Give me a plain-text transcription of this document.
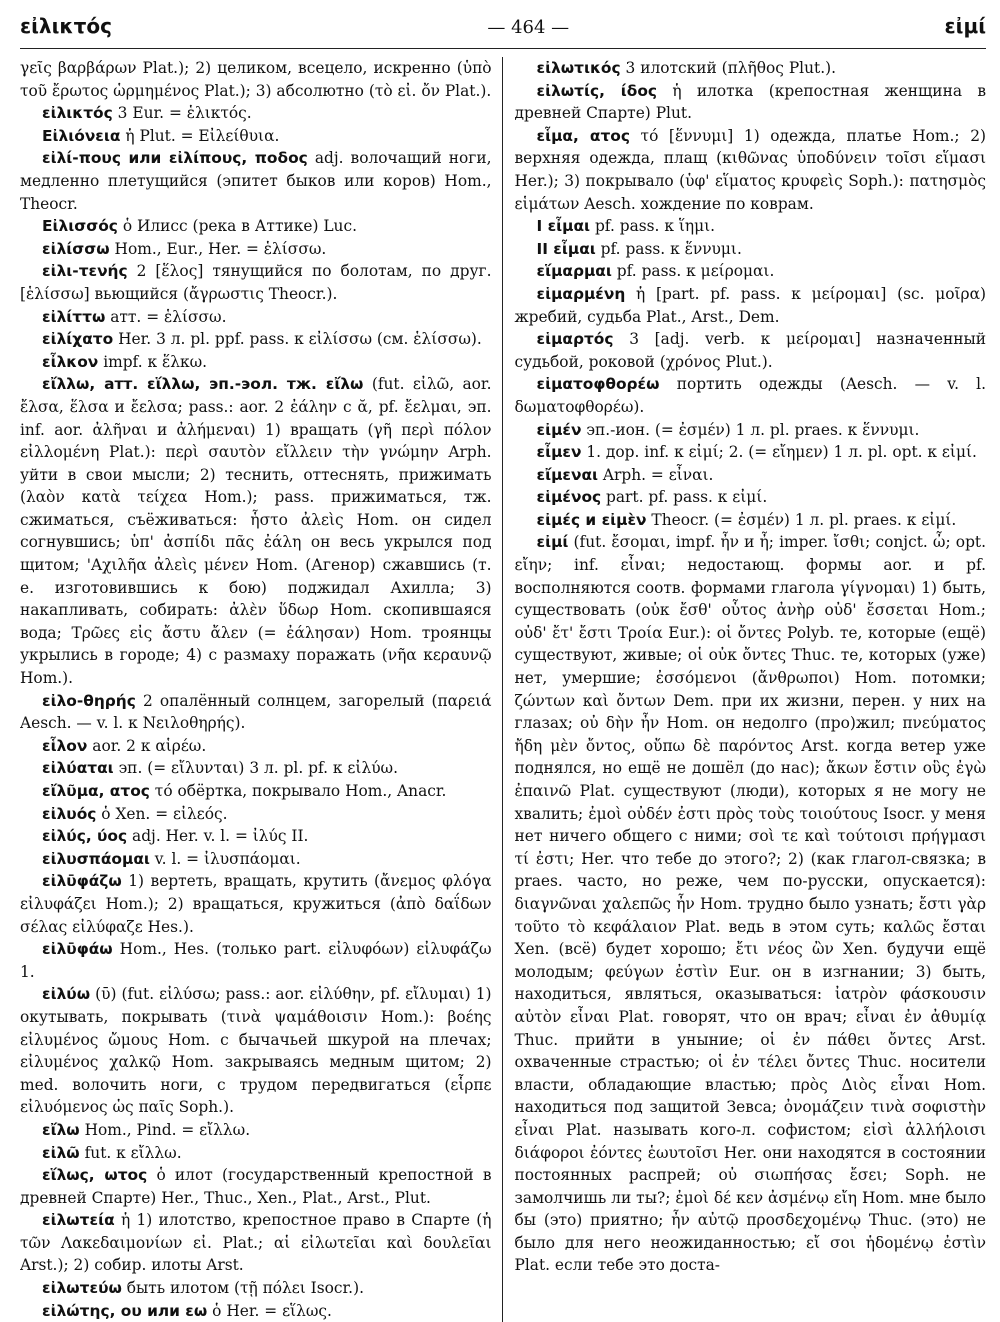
εἰλικτός	— 464 —	εἰμί

γεῖς βαρβάρων Plat.); 2) целиком, всецело, искренно (ὑπὸ τοῦ ἔρωτος ὡρμημένος Plat.); 3) абсолютно (τὸ εἰ. ὄν Plat.).

εἰλικτός 3 Eur. = ἑλικτός.

Εἰλιόνεια ἡ Plut. = Εἰλείθυια.

εἰλί-πους или εἰλίπους, ποδος adj. волочащий ноги, медленно плетущийся (эпитет быков или коров) Hom., Theocr.

Εἰλισσός ὁ Илисс (река в Аттике) Luc.

εἰλίσσω Hom., Eur., Her. = ἑλίσσω.

εἰλι-τενής 2 [ἕλος] тянущийся по болотам, по друг. [ἑλίσσω] вьющийся (ἄγρωστις Theocr.).

εἰλίττω атт. = ἑλίσσω.

εἰλίχατο Her. 3 л. pl. ppf. pass. к εἰλίσσω (см. ἑλίσσω).

εἶλκον impf. к ἕλκω.

εἴλλω, атт. εἵλλω, эп.-эол. тж. εἴλω (fut. εἰλῶ, aor. ἔλσα, ἕλσα и ἔελσα; pass.: aor. 2 ἐάλην с ᾰ, pf. ἔελμαι, эп. inf. aor. ἀλῆναι и ἀλήμεναι) 1) вращать (γῆ περὶ πόλον εἰλλομένη Plat.): περὶ σαυτὸν εἴλλειν τὴν γνώμην Arph. уйти в свои мысли; 2) теснить, оттеснять, прижимать (λαὸν κατὰ τείχεα Hom.); pass. прижиматься, тж. сжиматься, съёживаться: ἧστο ἀλεὶς Hom. он сидел согнувшись; ὑπ' ἀσπίδι πᾶς ἐάλη он весь укрылся под щитом; 'Αχιλῆα ἀλεὶς μένεν Hom. (Агенор) сжавшись (т. е. изготовившись к бою) поджидал Ахилла; 3) накапливать, собирать: ἀλὲν ὕδωρ Hom. скопившаяся вода; Τρῶες εἰς ἄστυ ἄλεν (= ἐάλησαν) Hom. троянцы укрылись в городе; 4) с размаху поражать (νῆα κεραυνῷ Hom.).

εἰλο-θηρής 2 опалённый солнцем, загорелый (παρειά Aesch. — v. l. к Νειλοθηρής).

εἷλον aor. 2 к αἱρέω.

εἰλύαται эп. (= εἴλυνται) 3 л. pl. pf. к εἰλύω.

εἴλῦμα, ατος τό обёртка, покрывало Hom., Anacr.

εἰλυός ὁ Xen. = εἰλεός.

εἰλύς, ύος adj. Her. v. l. = ἰλύς II.

εἰλυσπάομαι v. l. = ἰλυσπάομαι.

εἰλῡφάζω 1) вертеть, вращать, крутить (ἄνεμος φλόγα εἰλυφάζει Hom.); 2) вращаться, кружиться (ἀπὸ δαΐδων σέλας εἰλύφαζε Hes.).

εἰλῡφάω Hom., Hes. (только part. εἰλυφόων) εἰλυφάζω 1.

εἰλύω (ῡ) (fut. εἰλύσω; pass.: aor. εἰλύθην, pf. εἴλυμαι) 1) окутывать, покрывать (τινὰ ψαμάθοισιν Hom.): βοέης εἰλυμένος ὤμους Hom. с бычачьей шкурой на плечах; εἰλυμένος χαλκῷ Hom. закрываясь медным щитом; 2) med. волочить ноги, с трудом передвигаться (εἷρπε εἰλυόμενος ὡς παῖς Soph.).

εἴλω Hom., Pind. = εἴλλω.

εἰλῶ fut. к εἴλλω.

εἵλως, ωτος ὁ илот (государственный крепостной в древней Спарте) Her., Thuc., Xen., Plat., Arst., Plut.

εἰλωτεία ἡ 1) илотство, крепостное право в Спарте (ἡ τῶν Λακεδαιμονίων εἰ. Plat.; αἱ εἰλωτεῖαι καὶ δουλεῖαι Arst.); 2) собир. илоты Arst.

εἰλωτεύω быть илотом (τῇ πόλει Isocr.).

εἰλώτης, ου или εω ὁ Her. = εἵλως.

εἰλωτικός 3 илотский (πλῆθος Plut.).

εἰλωτίς, ίδος ἡ илотка (крепостная женщина в древней Спарте) Plut.

εἷμα, ατος τό [ἕννυμι] 1) одежда, платье Hom.; 2) верхняя одежда, плащ (κιθῶνας ὑποδύνειν τοῖσι εἵμασι Her.); 3) покрывало (ὑφ' εἵματος κρυφεὶς Soph.): πατησμὸς εἱμάτων Aesch. хождение по коврам.

I εἶμαι pf. pass. к ἵημι.

II εἶμαι pf. pass. к ἕννυμι.

εἵμαρμαι pf. pass. к μείρομαι.

εἱμαρμένη ἡ [part. pf. pass. к μείρομαι] (sc. μοῖρα) жребий, судьба Plat., Arst., Dem.

εἱμαρτός 3 [adj. verb. к μείρομαι] назначенный судьбой, роковой (χρόνος Plut.).

εἱματοφθορέω портить одежды (Aesch. — v. l. δωματοφθορέω).

εἰμέν эп.-ион. (= ἐσμέν) 1 л. pl. praes. к ἕννυμι.

εἶμεν 1. дор. inf. к εἰμί; 2. (= εἴημεν) 1 л. pl. opt. к εἰμί.

εἴμεναι Arph. = εἶναι.

εἱμένος part. pf. pass. к εἰμί.

εἰμές и εἰμὲν Theocr. (= ἐσμέν) 1 л. pl. praes. к εἰμί.

εἰμί (fut. ἔσομαι, impf. ἦν и ἦ; imper. ἴσθι; conjct. ὦ; opt. εἴην; inf. εἶναι; недостающ. формы aor. и pf. восполняются соотв. формами глагола γίγνομαι) 1) быть, существовать (οὐκ ἔσθ' οὗτος ἀνὴρ οὐδ' ἔσσεται Hom.; οὐδ' ἔτ' ἔστι Τροία Eur.): οἱ ὄντες Polyb. те, которые (ещё) существуют, живые; οἱ οὐκ ὄντες Thuc. те, которых (уже) нет, умершие; ἐσσόμενοι (ἄνθρωποι) Hom. потомки; ζώντων καὶ ὄντων Dem. при их жизни, перен. у них на глазах; οὐ δὴν ἦν Hom. он недолго (про)жил; πνεύματος ἤδη μὲν ὄντος, οὔπω δὲ παρόντος Arst. когда ветер уже поднялся, но ещё не дошёл (до нас); ἄκων ἔστιν οὓς ἐγὼ ἐπαινῶ Plat. существуют (люди), которых я не могу не хвалить; ἐμοὶ οὐδέν ἐστι πρὸς τοὺς τοιούτους Isocr. у меня нет ничего общего с ними; σοὶ τε καὶ τούτοισι πρήγμασι τί ἐστι; Her. что тебе до этого?; 2) (как глагол-связка; в praes. часто, но реже, чем по-русски, опускается): διαγνῶναι χαλεπῶς ἦν Hom. трудно было узнать; ἔστι γὰρ τοῦτο τὸ κεφάλαιον Plat. ведь в этом суть; καλῶς ἔσται Xen. (всё) будет хорошо; ἔτι νέος ὢν Xen. будучи ещё молодым; φεύγων ἐστὶν Eur. он в изгнании; 3) быть, находиться, являться, оказываться: ἰατρὸν φάσκουσιν αὐτὸν εἶναι Plat. говорят, что он врач; εἶναι ἐν ἀθυμίᾳ Thuc. прийти в уныние; οἱ ἐν πάθει ὄντες Arst. охваченные страстью; οἱ ἐν τέλει ὄντες Thuc. носители власти, обладающие властью; πρὸς Διὸς εἶναι Hom. находиться под защитой Зевса; ὀνομάζειν τινὰ σοφιστὴν εἶναι Plat. называть кого-л. софистом; εἰσὶ ἀλλήλοισι διάφοροι ἐόντες ἑωυτοῖσι Her. они находятся в состоянии постоянных распрей; οὐ σιωπήσας ἔσει; Soph. не замолчишь ли ты?; ἐμοὶ δέ κεν ἀσμένῳ εἴη Hom. мне было бы (это) приятно; ἦν αὐτῷ προσδεχομένῳ Thuc. (это) не было для него неожиданностью; εἴ σοι ἡδομένῳ ἐστὶν Plat. если тебе это доста-
